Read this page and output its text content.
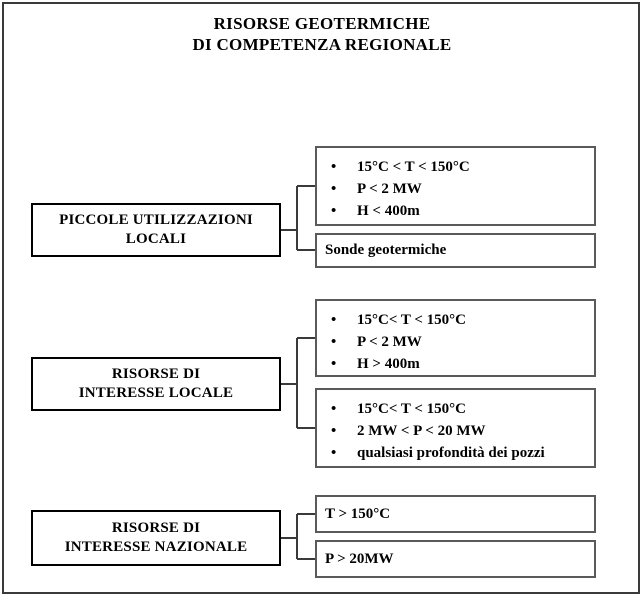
RISORSE GEOTERMICHE
DI COMPETENZA REGIONALE
PICCOLE UTILIZZAZIONI
LOCALI
•	15°C < T < 150°C
•	P < 2 MW
•	H < 400m
Sonde geotermiche
RISORSE DI
INTERESSE LOCALE
•	15°C< T < 150°C
•	P < 2 MW
•	H > 400m
•	15°C< T < 150°C
•	2 MW < P < 20 MW
•	qualsiasi profondità dei pozzi
RISORSE DI
INTERESSE NAZIONALE
T > 150°C
P > 20MW
